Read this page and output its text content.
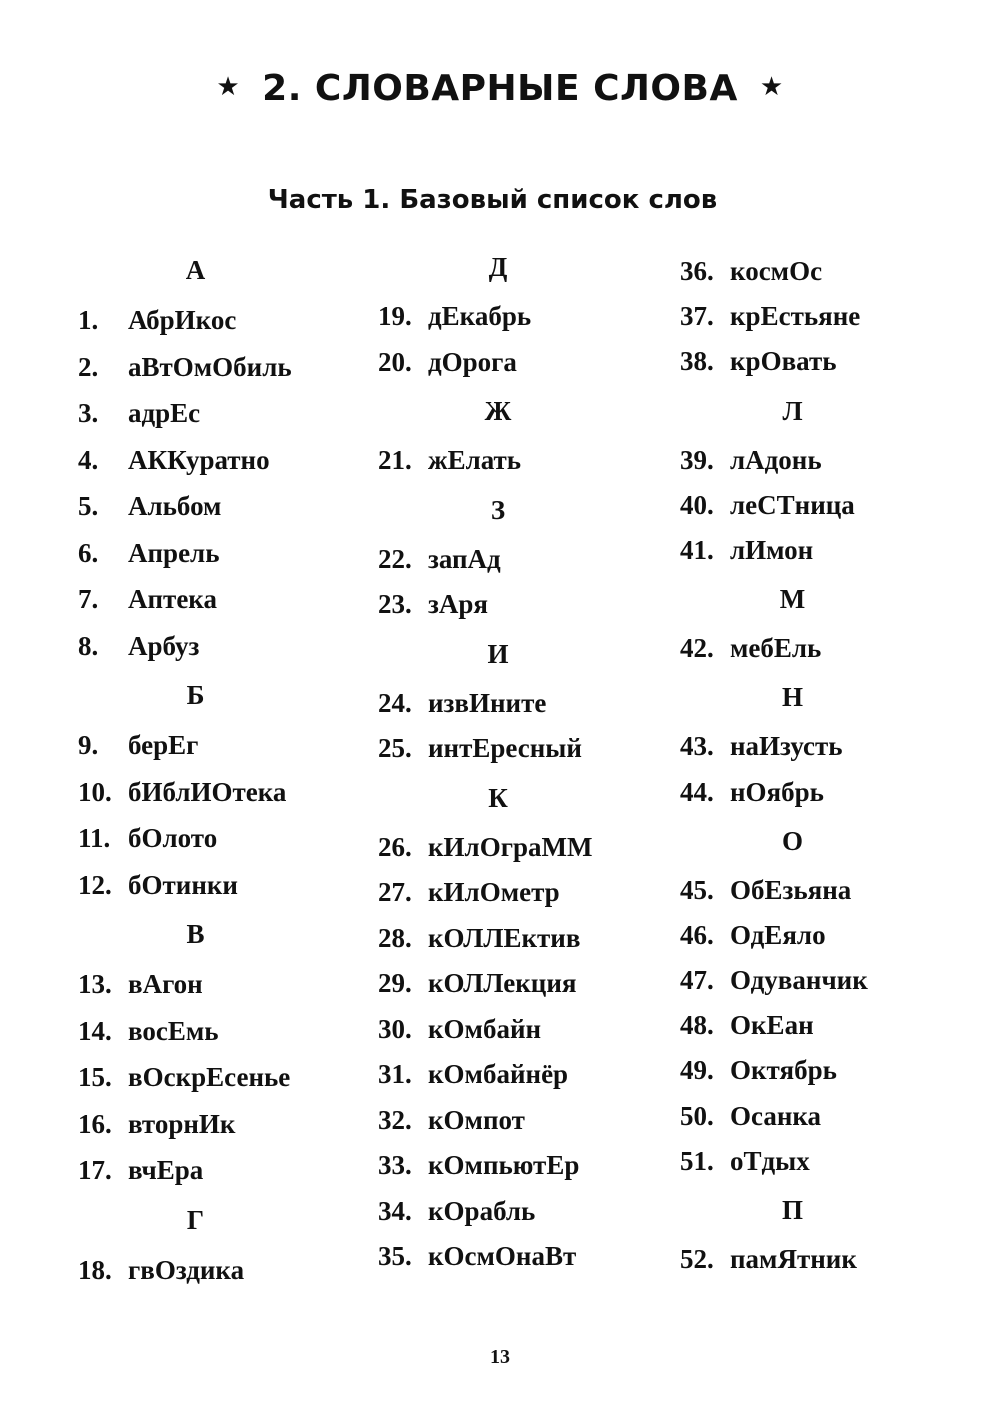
★ 2. СЛОВАРНЫЕ СЛОВА ★
Часть 1. Базовый список слов
А
1. АбрИкос
2. аВтОмОбиль
3. адрЕс
4. АККуратно
5. Альбом
6. Апрель
7. Аптека
8. Арбуз
Б
9. берЕг
10. бИблИОтека
11. бОлото
12. бОтинки
В
13. вАгон
14. восЕмь
15. вОскрЕсенье
16. вторнИк
17. вчЕра
Г
18. гвОздика
Д
19. дЕкабрь
20. дОрога
Ж
21. жЕлать
З
22. запАд
23. зАря
И
24. извИните
25. интЕресный
К
26. кИлОграММ
27. кИлОметр
28. кОЛЛЕктив
29. кОЛЛекция
30. кОмбайн
31. кОмбайнёр
32. кОмпот
33. кОмпьютЕр
34. кОрабль
35. кОсмОнаВт
36. космОс
37. крЕстьяне
38. крОвать
Л
39. лАдонь
40. леСТница
41. лИмон
М
42. мебЕль
Н
43. наИзусть
44. нОябрь
О
45. ОбЕзьяна
46. ОдЕяло
47. Одуванчик
48. ОкЕан
49. Октябрь
50. Осанка
51. оТдых
П
52. памЯтник
13
